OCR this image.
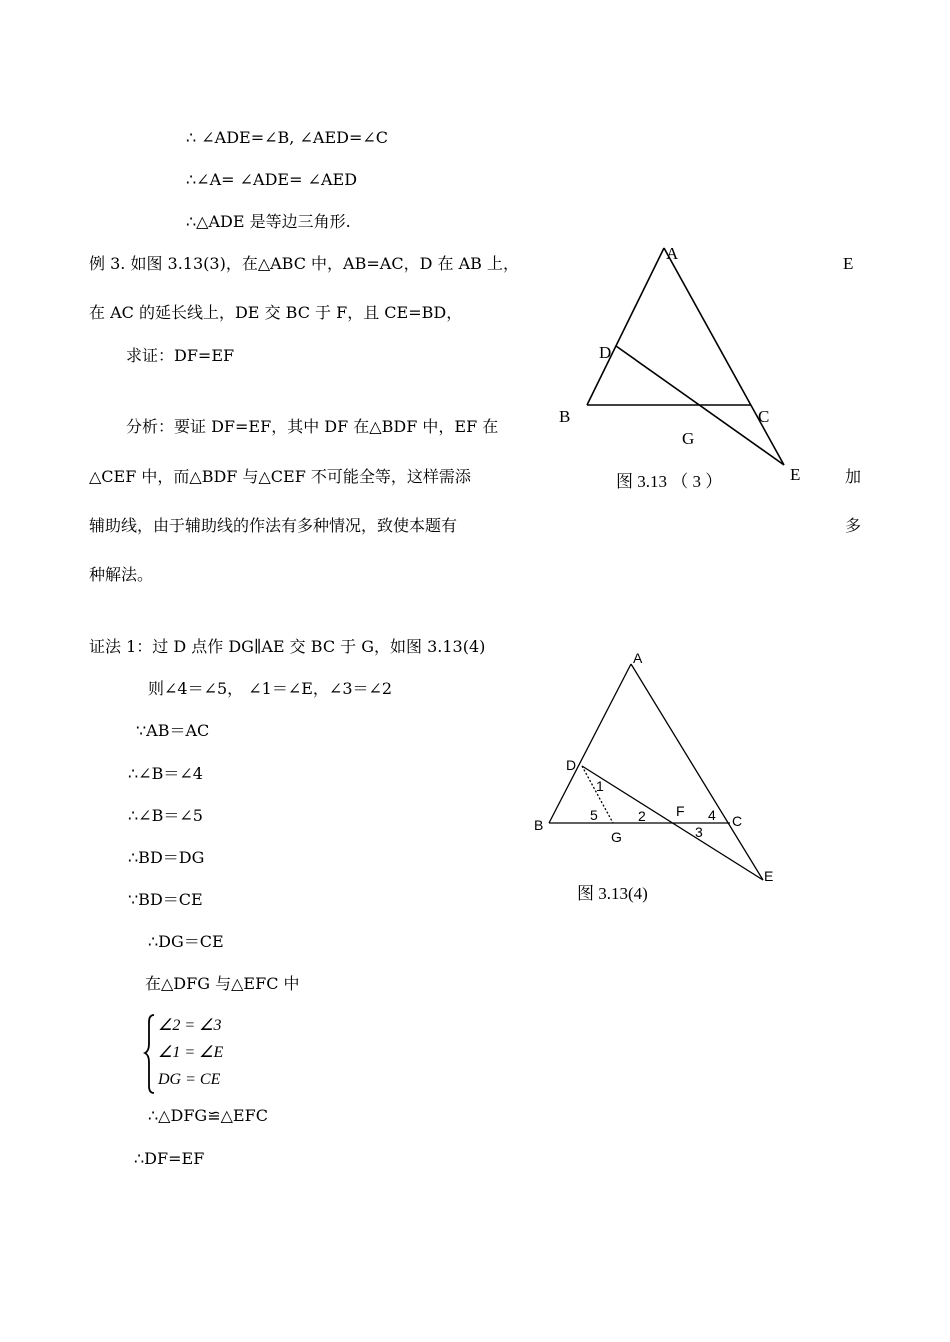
∴ ∠ADE=∠B, ∠AED=∠C
∴∠A= ∠ADE= ∠AED
∴△ADE 是等边三角形.
例 3. 如图 3.13(3)，在△ABC 中，AB=AC，D 在 AB 上，	E
在 AC 的延长线上，DE 交 BC 于 F，且 CE=BD，
求证：DF=EF
分析：要证 DF=EF，其中 DF 在△BDF 中，EF 在
△CEF 中，而△BDF 与△CEF 不可能全等，这样需添	加
辅助线，由于辅助线的作法有多种情况，致使本题有	多
种解法。
A
D
B	C
G
E
图 3.13 （ 3 ）
证法 1：过 D 点作 DG∥AE 交 BC 于 G，如图 3.13(4)
则∠4＝∠5， ∠1＝∠E，∠3＝∠2
∵AB＝AC
∴∠B＝∠4
∴∠B＝∠5
∴BD＝DG
∵BD＝CE
∴DG＝CE
在△DFG 与△EFC 中
∠2 = ∠3
∠1 = ∠E
DG = CE
∴△DFG≌△EFC
∴DF=EF
A
D
1
5	2 F 4 C
B
G	3
E
图 3.13(4)
